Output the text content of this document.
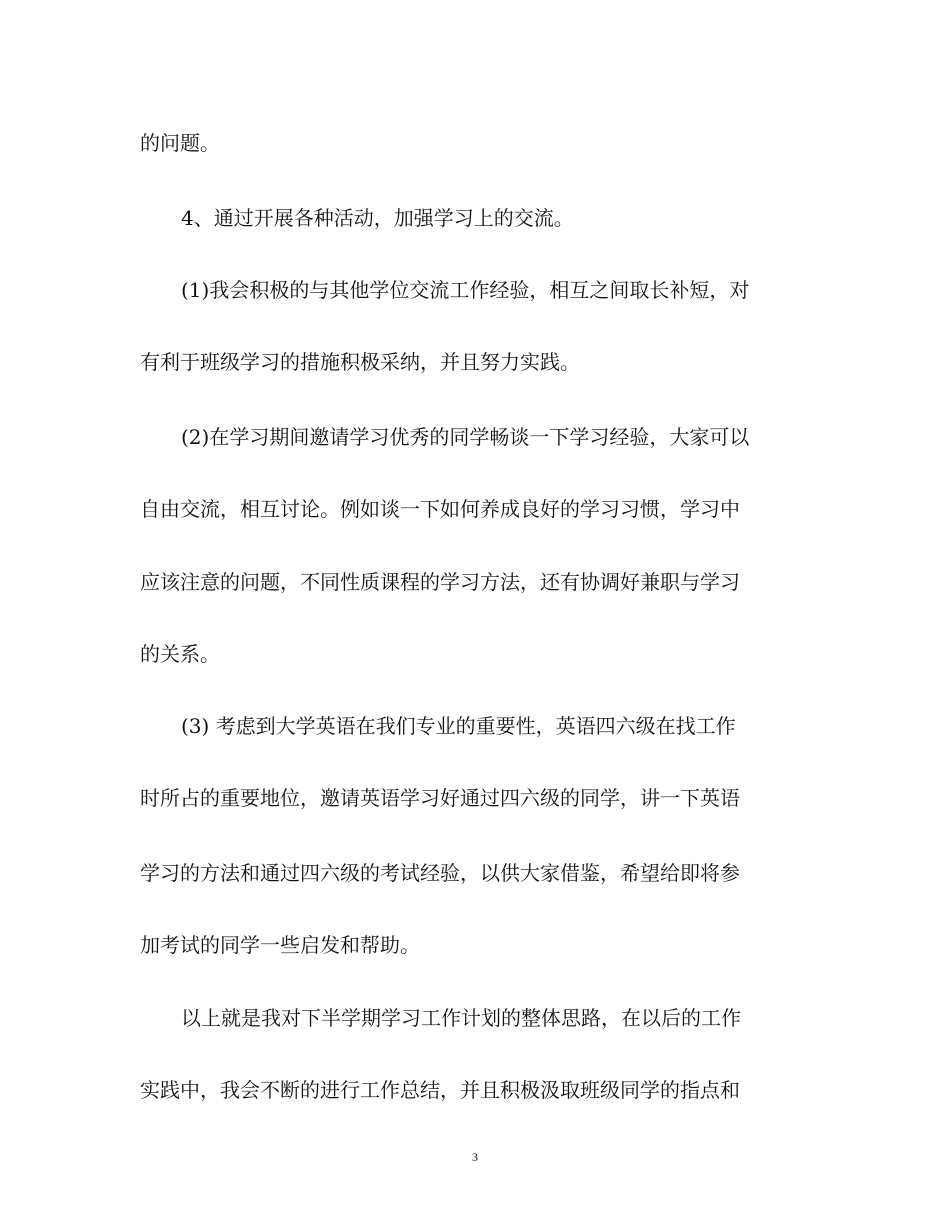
的问题。
4、通过开展各种活动，加强学习上的交流。
(1)我会积极的与其他学位交流工作经验，相互之间取长补短，对
有利于班级学习的措施积极采纳，并且努力实践。
(2)在学习期间邀请学习优秀的同学畅谈一下学习经验，大家可以
自由交流，相互讨论。例如谈一下如何养成良好的学习习惯，学习中
应该注意的问题，不同性质课程的学习方法，还有协调好兼职与学习
的关系。
(3) 考虑到大学英语在我们专业的重要性，英语四六级在找工作
时所占的重要地位，邀请英语学习好通过四六级的同学，讲一下英语
学习的方法和通过四六级的考试经验，以供大家借鉴，希望给即将参
加考试的同学一些启发和帮助。
以上就是我对下半学期学习工作计划的整体思路，在以后的工作
实践中，我会不断的进行工作总结，并且积极汲取班级同学的指点和
3
